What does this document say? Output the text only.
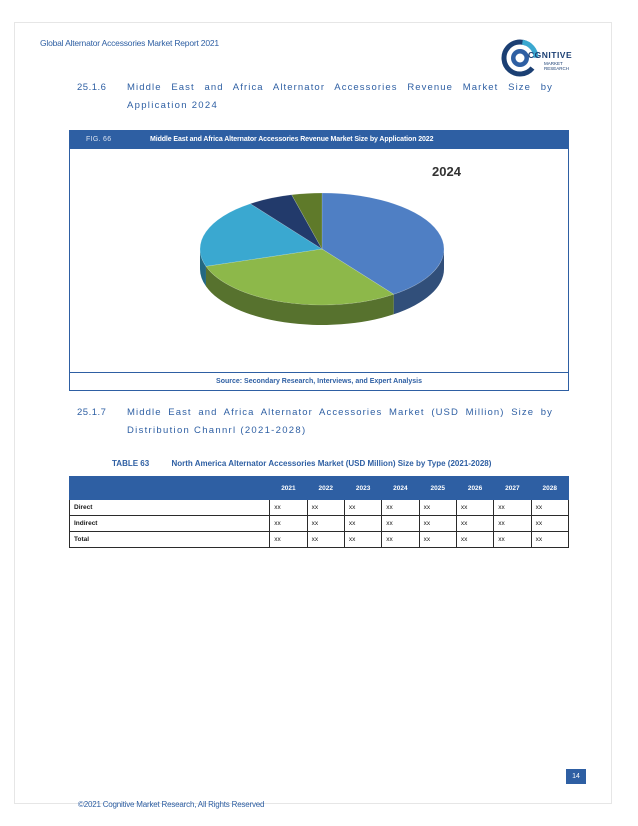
Global Alternator Accessories Market Report 2021
CGNITIVE
MARKET
RESEARCH
25.1.6 Middle East and Africa Alternator Accessories Revenue Market Size by
Application 2024
FIG. 66	Middle East and Africa Alternator Accessories Revenue Market Size by Application 2022
2024
Source: Secondary Research, Interviews, and Expert Analysis
25.1.7 Middle East and Africa Alternator Accessories Market (USD Million) Size by
Distribution Channrl (2021-2028)
TABLE 63	North America Alternator Accessories Market (USD Million) Size by Type (2021-2028)
	2021	2022	2023	2024	2025	2026	2027	2028
Direct	xx	xx	xx	xx	xx	xx	xx	xx
Indirect	xx	xx	xx	xx	xx	xx	xx	xx
Total	xx	xx	xx	xx	xx	xx	xx	xx
14
©2021 Cognitive Market Research, All Rights Reserved
